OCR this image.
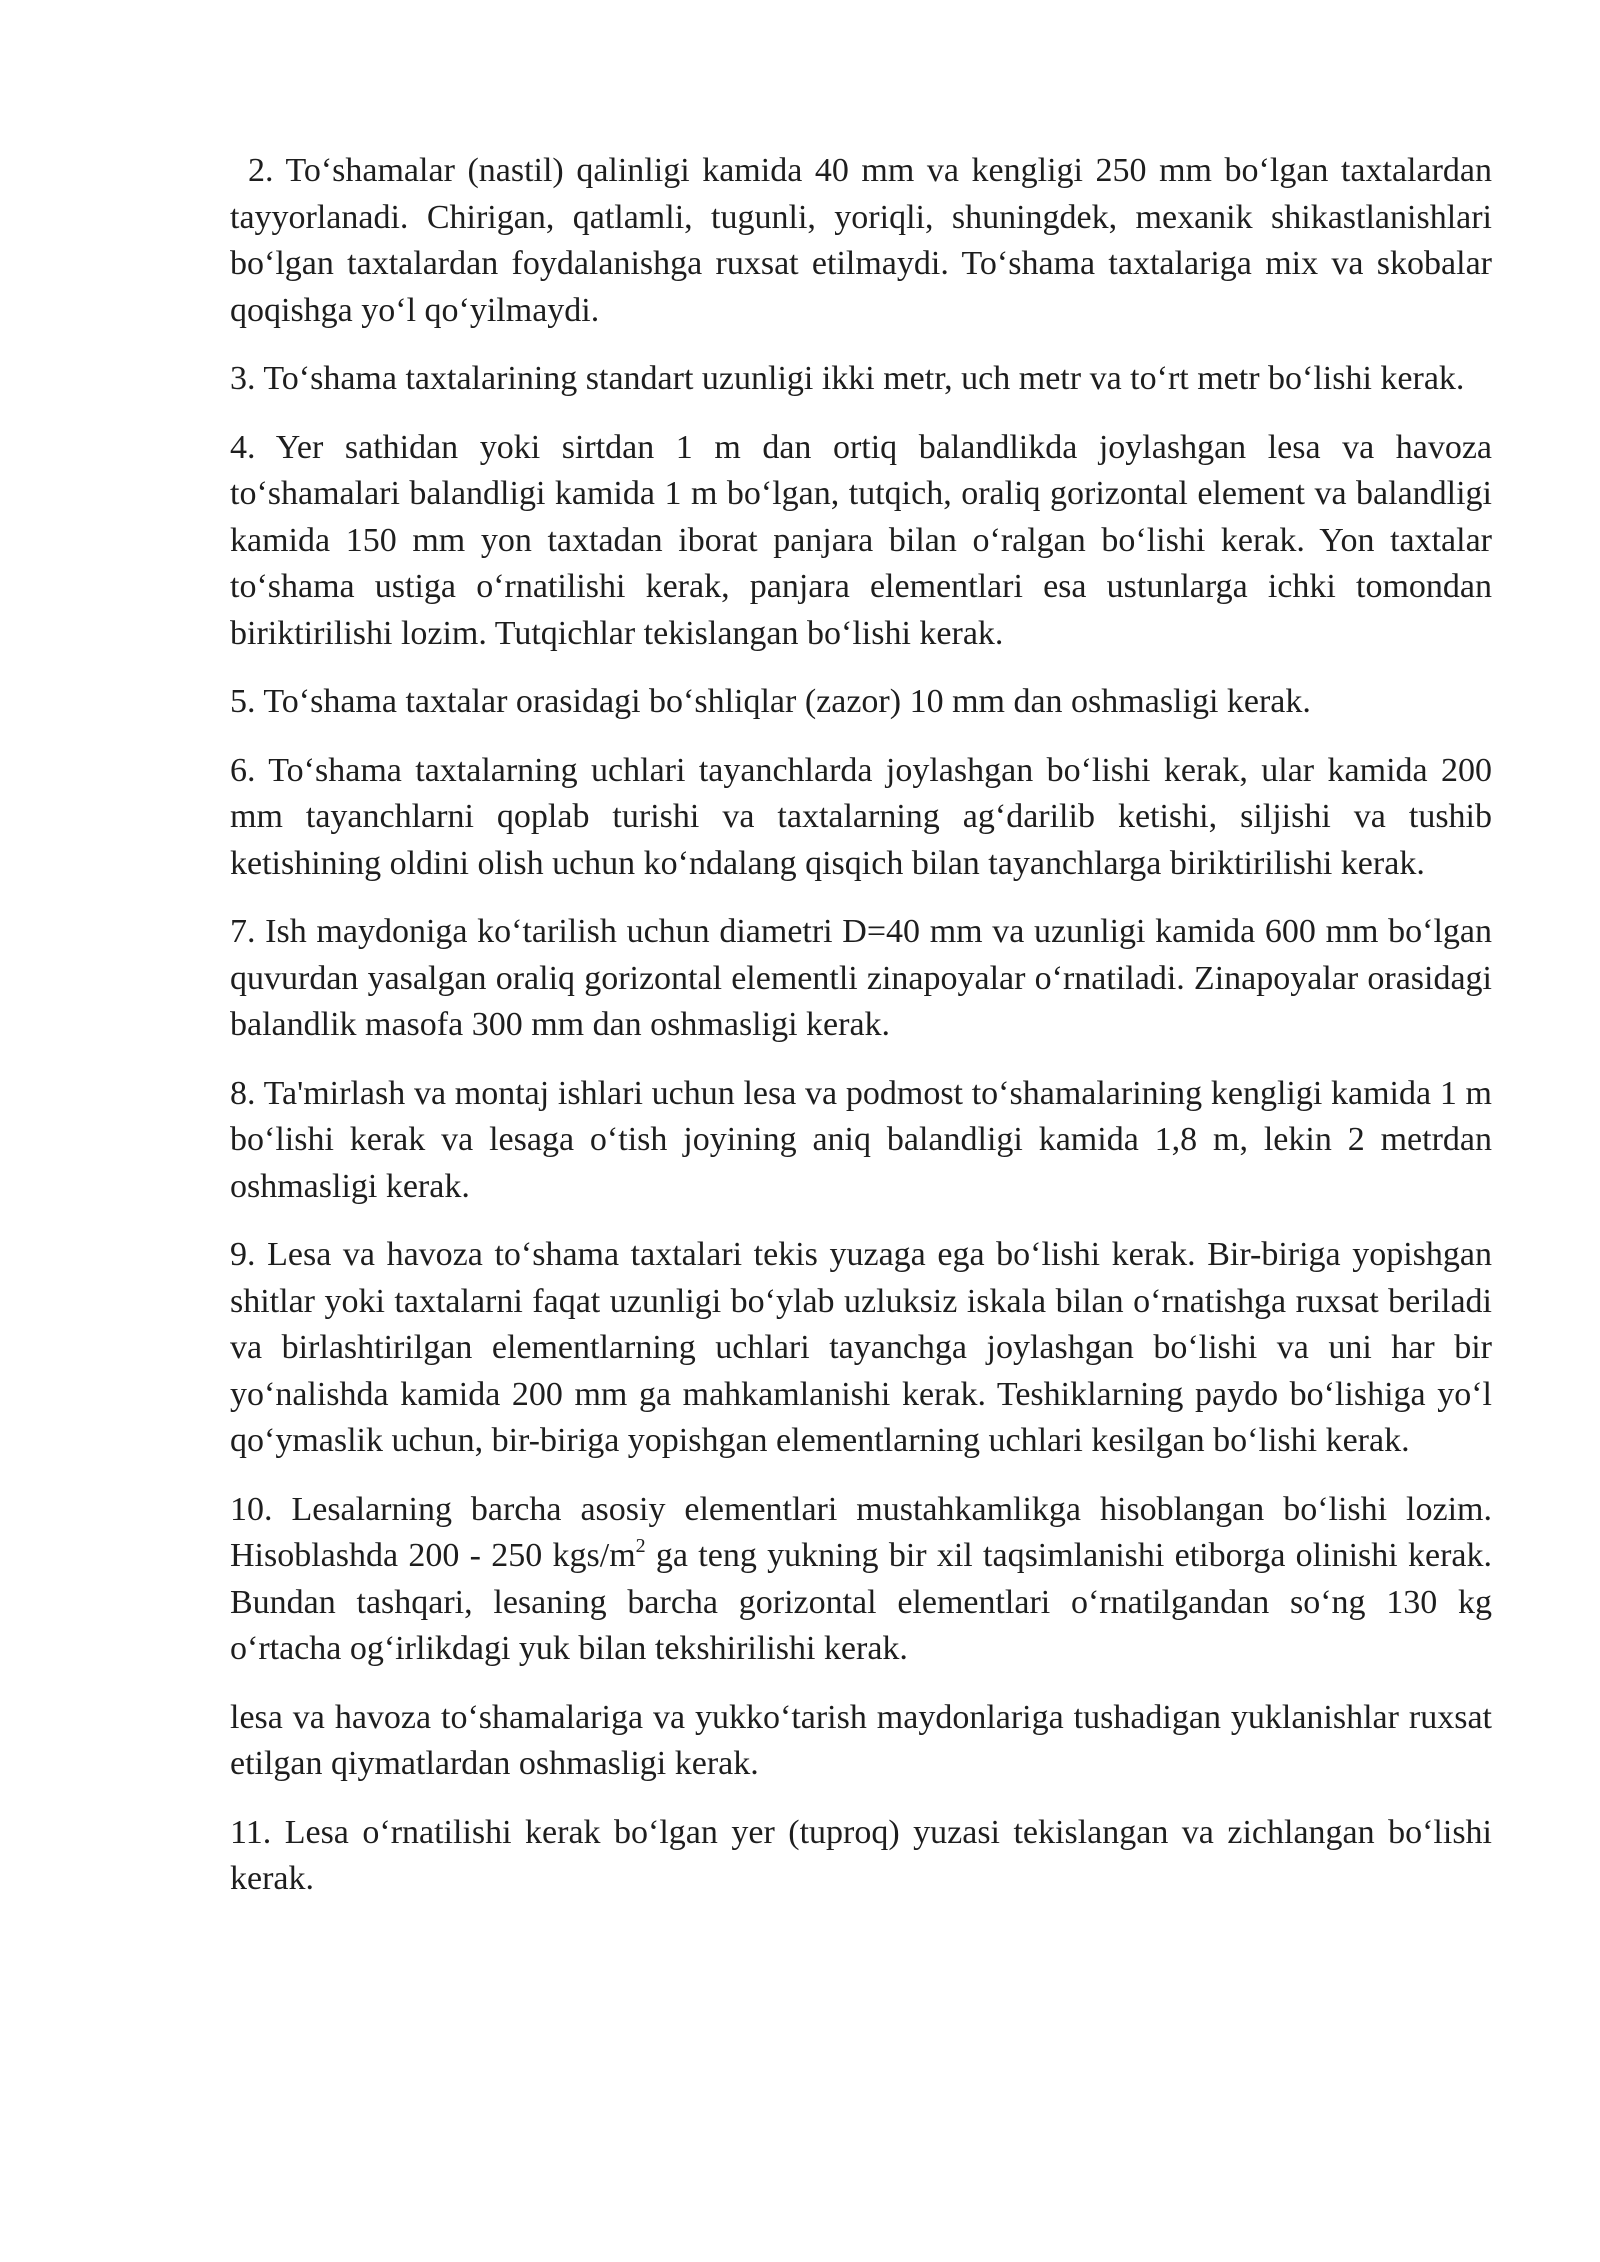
2. To‘shamalar (nastil) qalinligi kamida 40 mm va kengligi 250 mm bo‘lgan taxtalardan tayyorlanadi. Chirigan, qatlamli, tugunli, yoriqli, shuningdek, mexanik shikastlanishlari bo‘lgan taxtalardan foydalanishga ruxsat etilmaydi. To‘shama taxtalariga mix va skobalar qoqishga yo‘l qo‘yilmaydi.

3. To‘shama taxtalarining standart uzunligi ikki metr, uch metr va to‘rt metr bo‘lishi kerak.

4. Yer sathidan yoki sirtdan 1 m dan ortiq balandlikda joylashgan lesa va havoza to‘shamalari balandligi kamida 1 m bo‘lgan, tutqich, oraliq gorizontal element va balandligi kamida 150 mm yon taxtadan iborat panjara bilan o‘ralgan bo‘lishi kerak. Yon taxtalar to‘shama ustiga o‘rnatilishi kerak, panjara elementlari esa ustunlarga ichki tomondan biriktirilishi lozim. Tutqichlar tekislangan bo‘lishi kerak.

5. To‘shama taxtalar orasidagi bo‘shliqlar (zazor) 10 mm dan oshmasligi kerak.

6. To‘shama taxtalarning uchlari tayanchlarda joylashgan bo‘lishi kerak, ular kamida 200 mm tayanchlarni qoplab turishi va taxtalarning ag‘darilib ketishi, siljishi va tushib ketishining oldini olish uchun ko‘ndalang qisqich bilan tayanchlarga biriktirilishi kerak.

7. Ish maydoniga ko‘tarilish uchun diametri D=40 mm va uzunligi kamida 600 mm bo‘lgan quvurdan yasalgan oraliq gorizontal elementli zinapoyalar o‘rnatiladi. Zinapoyalar orasidagi balandlik masofa 300 mm dan oshmasligi kerak.

8. Ta'mirlash va montaj ishlari uchun lesa va podmost to‘shamalarining kengligi kamida 1 m bo‘lishi kerak va lesaga o‘tish joyining aniq balandligi kamida 1,8 m, lekin 2 metrdan oshmasligi kerak.

9. Lesa va havoza to‘shama taxtalari tekis yuzaga ega bo‘lishi kerak. Bir-biriga yopishgan shitlar yoki taxtalarni faqat uzunligi bo‘ylab uzluksiz iskala bilan o‘rnatishga ruxsat beriladi va birlashtirilgan elementlarning uchlari tayanchga joylashgan bo‘lishi va uni har bir yo‘nalishda kamida 200 mm ga mahkamlanishi kerak. Teshiklarning paydo bo‘lishiga yo‘l qo‘ymaslik uchun, bir-biriga yopishgan elementlarning uchlari kesilgan bo‘lishi kerak.

10. Lesalarning barcha asosiy elementlari mustahkamlikga hisoblangan bo‘lishi lozim. Hisoblashda 200 - 250 kgs/$m^2$ ga teng yukning bir xil taqsimlanishi etiborga olinishi kerak. Bundan tashqari, lesaning barcha gorizontal elementlari o‘rnatilgandan so‘ng 130 kg o‘rtacha og‘irlikdagi yuk bilan tekshirilishi kerak.

lesa va havoza to‘shamalariga va yukko‘tarish maydonlariga tushadigan yuklanishlar ruxsat etilgan qiymatlardan oshmasligi kerak.

11. Lesa o‘rnatilishi kerak bo‘lgan yer (tuproq) yuzasi tekislangan va zichlangan bo‘lishi kerak.
